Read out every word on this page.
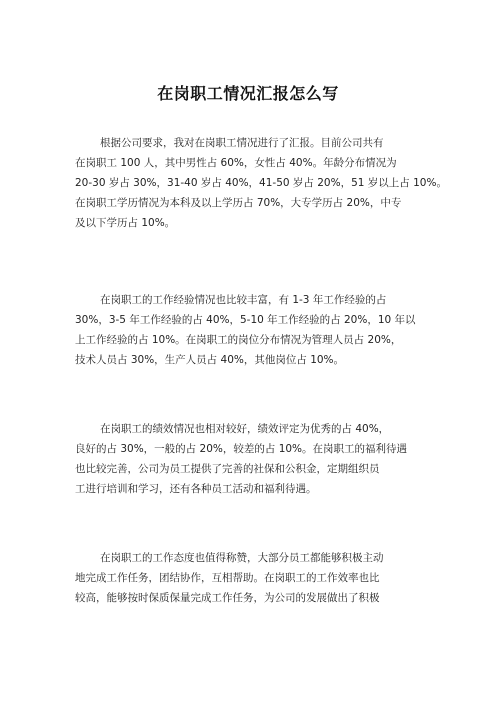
在岗职工情况汇报怎么写
根据公司要求，我对在岗职工情况进行了汇报。目前公司共有
在岗职工 100 人，其中男性占 60%，女性占 40%。年龄分布情况为
20-30 岁占 30%，31-40 岁占 40%，41-50 岁占 20%，51 岁以上占 10%。
在岗职工学历情况为本科及以上学历占 70%，大专学历占 20%，中专
及以下学历占 10%。
在岗职工的工作经验情况也比较丰富，有 1-3 年工作经验的占
30%，3-5 年工作经验的占 40%，5-10 年工作经验的占 20%，10 年以
上工作经验的占 10%。在岗职工的岗位分布情况为管理人员占 20%，
技术人员占 30%，生产人员占 40%，其他岗位占 10%。
在岗职工的绩效情况也相对较好，绩效评定为优秀的占 40%，
良好的占 30%，一般的占 20%，较差的占 10%。在岗职工的福利待遇
也比较完善，公司为员工提供了完善的社保和公积金，定期组织员
工进行培训和学习，还有各种员工活动和福利待遇。
在岗职工的工作态度也值得称赞，大部分员工都能够积极主动
地完成工作任务，团结协作，互相帮助。在岗职工的工作效率也比
较高，能够按时保质保量完成工作任务，为公司的发展做出了积极
